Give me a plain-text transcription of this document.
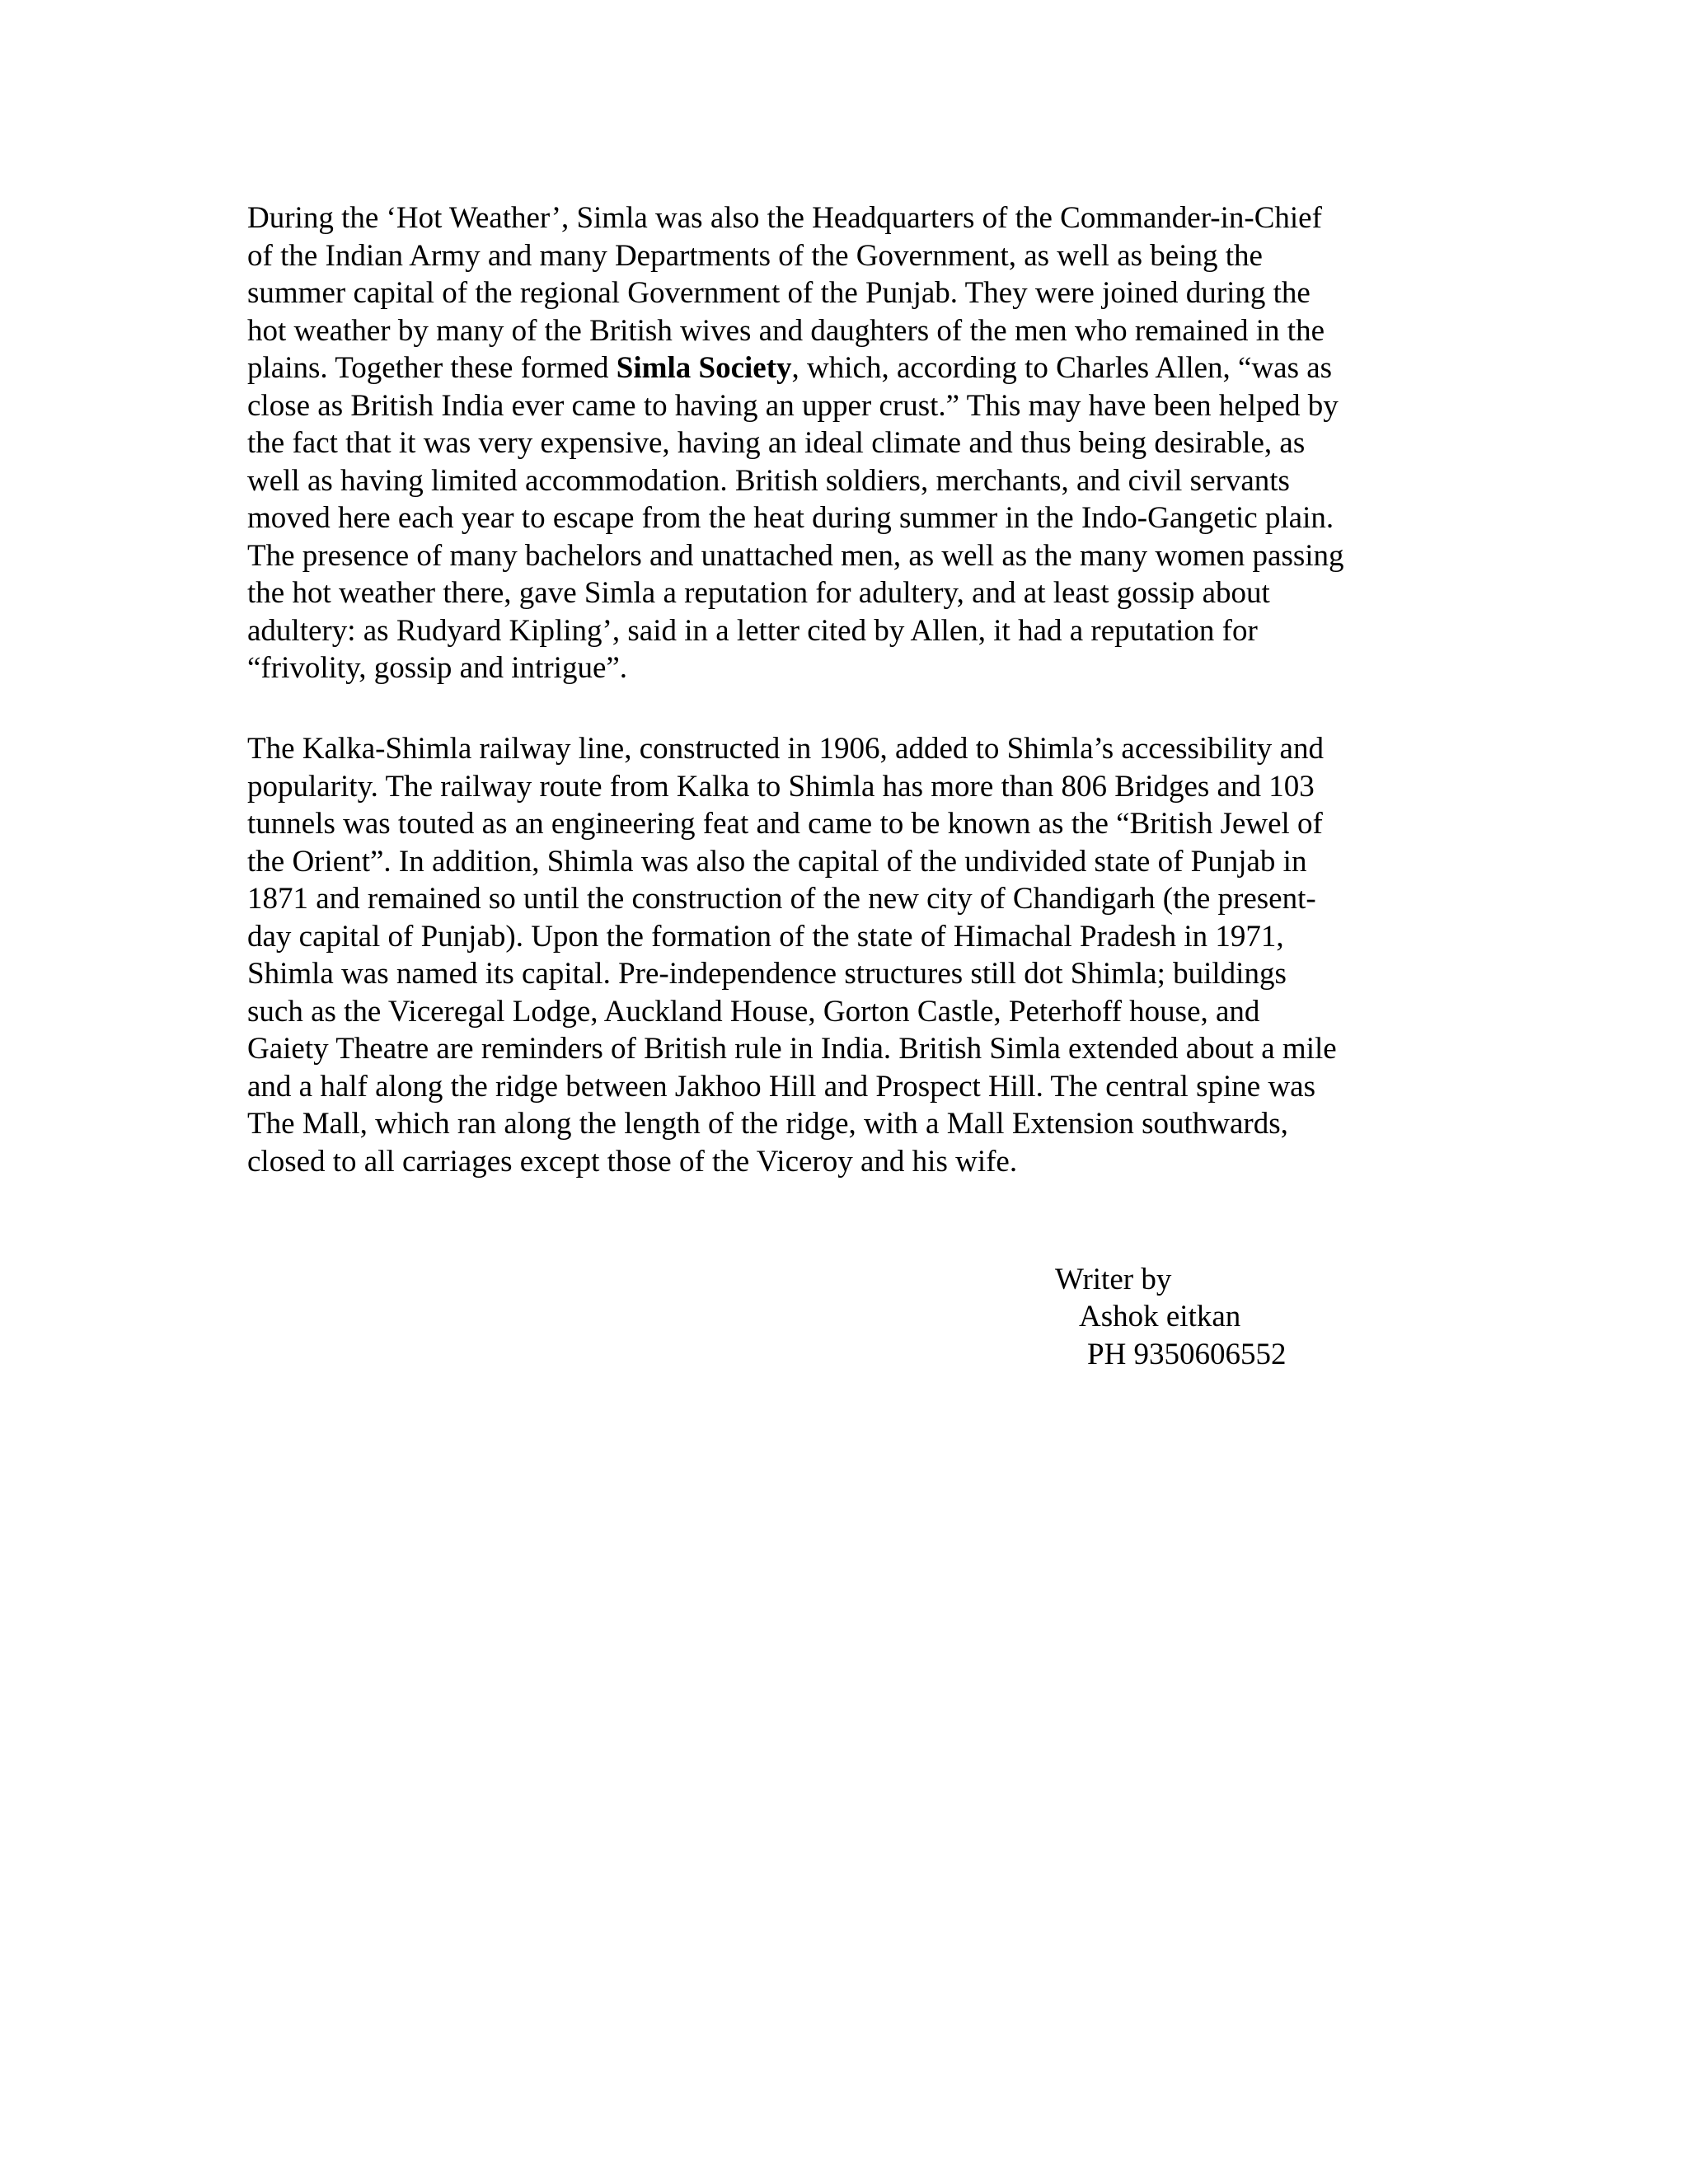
During the ‘Hot Weather’, Simla was also the Headquarters of the Commander-in-Chief
of the Indian Army and many Departments of the Government, as well as being the
summer capital of the regional Government of the Punjab. They were joined during the
hot weather by many of the British wives and daughters of the men who remained in the
plains. Together these formed Simla Society, which, according to Charles Allen, “was as
close as British India ever came to having an upper crust.” This may have been helped by
the fact that it was very expensive, having an ideal climate and thus being desirable, as
well as having limited accommodation. British soldiers, merchants, and civil servants
moved here each year to escape from the heat during summer in the Indo-Gangetic plain.
The presence of many bachelors and unattached men, as well as the many women passing
the hot weather there, gave Simla a reputation for adultery, and at least gossip about
adultery: as Rudyard Kipling’, said in a letter cited by Allen, it had a reputation for
“frivolity, gossip and intrigue”.
The Kalka-Shimla railway line, constructed in 1906, added to Shimla’s accessibility and
popularity. The railway route from Kalka to Shimla has more than 806 Bridges and 103
tunnels was touted as an engineering feat and came to be known as the “British Jewel of
the Orient”. In addition, Shimla was also the capital of the undivided state of Punjab in
1871 and remained so until the construction of the new city of Chandigarh (the present-
day capital of Punjab). Upon the formation of the state of Himachal Pradesh in 1971,
Shimla was named its capital. Pre-independence structures still dot Shimla; buildings
such as the Viceregal Lodge, Auckland House, Gorton Castle, Peterhoff house, and
Gaiety Theatre are reminders of British rule in India. British Simla extended about a mile
and a half along the ridge between Jakhoo Hill and Prospect Hill. The central spine was
The Mall, which ran along the length of the ridge, with a Mall Extension southwards,
closed to all carriages except those of the Viceroy and his wife.
Writer by
Ashok eitkan
PH 9350606552
